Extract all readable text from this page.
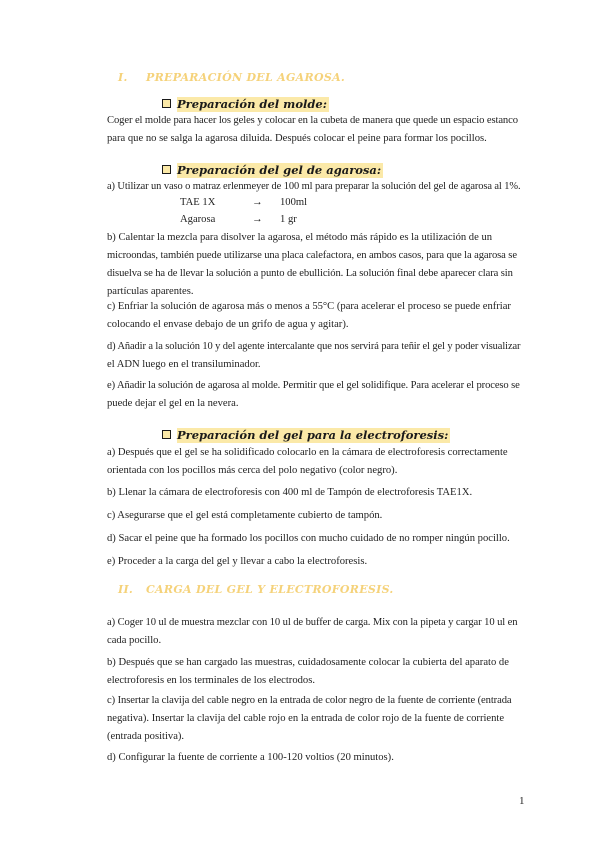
I. PREPARACIÓN DEL AGAROSA.
Preparación del molde:
Coger el molde para hacer los geles y colocar en la cubeta de manera que quede un espacio estanco
para que no se salga la agarosa diluida. Después colocar el peine para formar los pocillos.
Preparación del gel de agarosa:
a) Utilizar un vaso o matraz erlenmeyer de 100 ml para preparar la solución del gel de agarosa al 1%.
TAE 1X	→ 100ml
Agarosa	→ 1 gr
b) Calentar la mezcla para disolver la agarosa, el método más rápido es la utilización de un
microondas, también puede utilizarse una placa calefactora, en ambos casos, para que la agarosa se
disuelva se ha de llevar la solución a punto de ebullición. La solución final debe aparecer clara sin
partículas aparentes.
c) Enfriar la solución de agarosa más o menos a 55°C (para acelerar el proceso se puede enfriar
colocando el envase debajo de un grifo de agua y agitar).
d) Añadir a la solución 10 y del agente intercalante que nos servirá para teñir el gel y poder visualizar
el ADN luego en el transiluminador.
e) Añadir la solución de agarosa al molde. Permitir que el gel solidifique. Para acelerar el proceso se
puede dejar el gel en la nevera.
Preparación del gel para la electroforesis:
a) Después que el gel se ha solidificado colocarlo en la cámara de electroforesis correctamente
orientada con los pocillos más cerca del polo negativo (color negro).
b) Llenar la cámara de electroforesis con 400 ml de Tampón de electroforesis TAE1X.
c) Asegurarse que el gel está completamente cubierto de tampón.
d) Sacar el peine que ha formado los pocillos con mucho cuidado de no romper ningún pocillo.
e) Proceder a la carga del gel y llevar a cabo la electroforesis.
II. CARGA DEL GEL Y ELECTROFORESIS.
a) Coger 10 ul de muestra mezclar con 10 ul de buffer de carga. Mix con la pipeta y cargar 10 ul en
cada pocillo.
b) Después que se han cargado las muestras, cuidadosamente colocar la cubierta del aparato de
electroforesis en los terminales de los electrodos.
c) Insertar la clavija del cable negro en la entrada de color negro de la fuente de corriente (entrada
negativa). Insertar la clavija del cable rojo en la entrada de color rojo de la fuente de corriente
(entrada positiva).
d) Configurar la fuente de corriente a 100-120 voltios (20 minutos).
1
